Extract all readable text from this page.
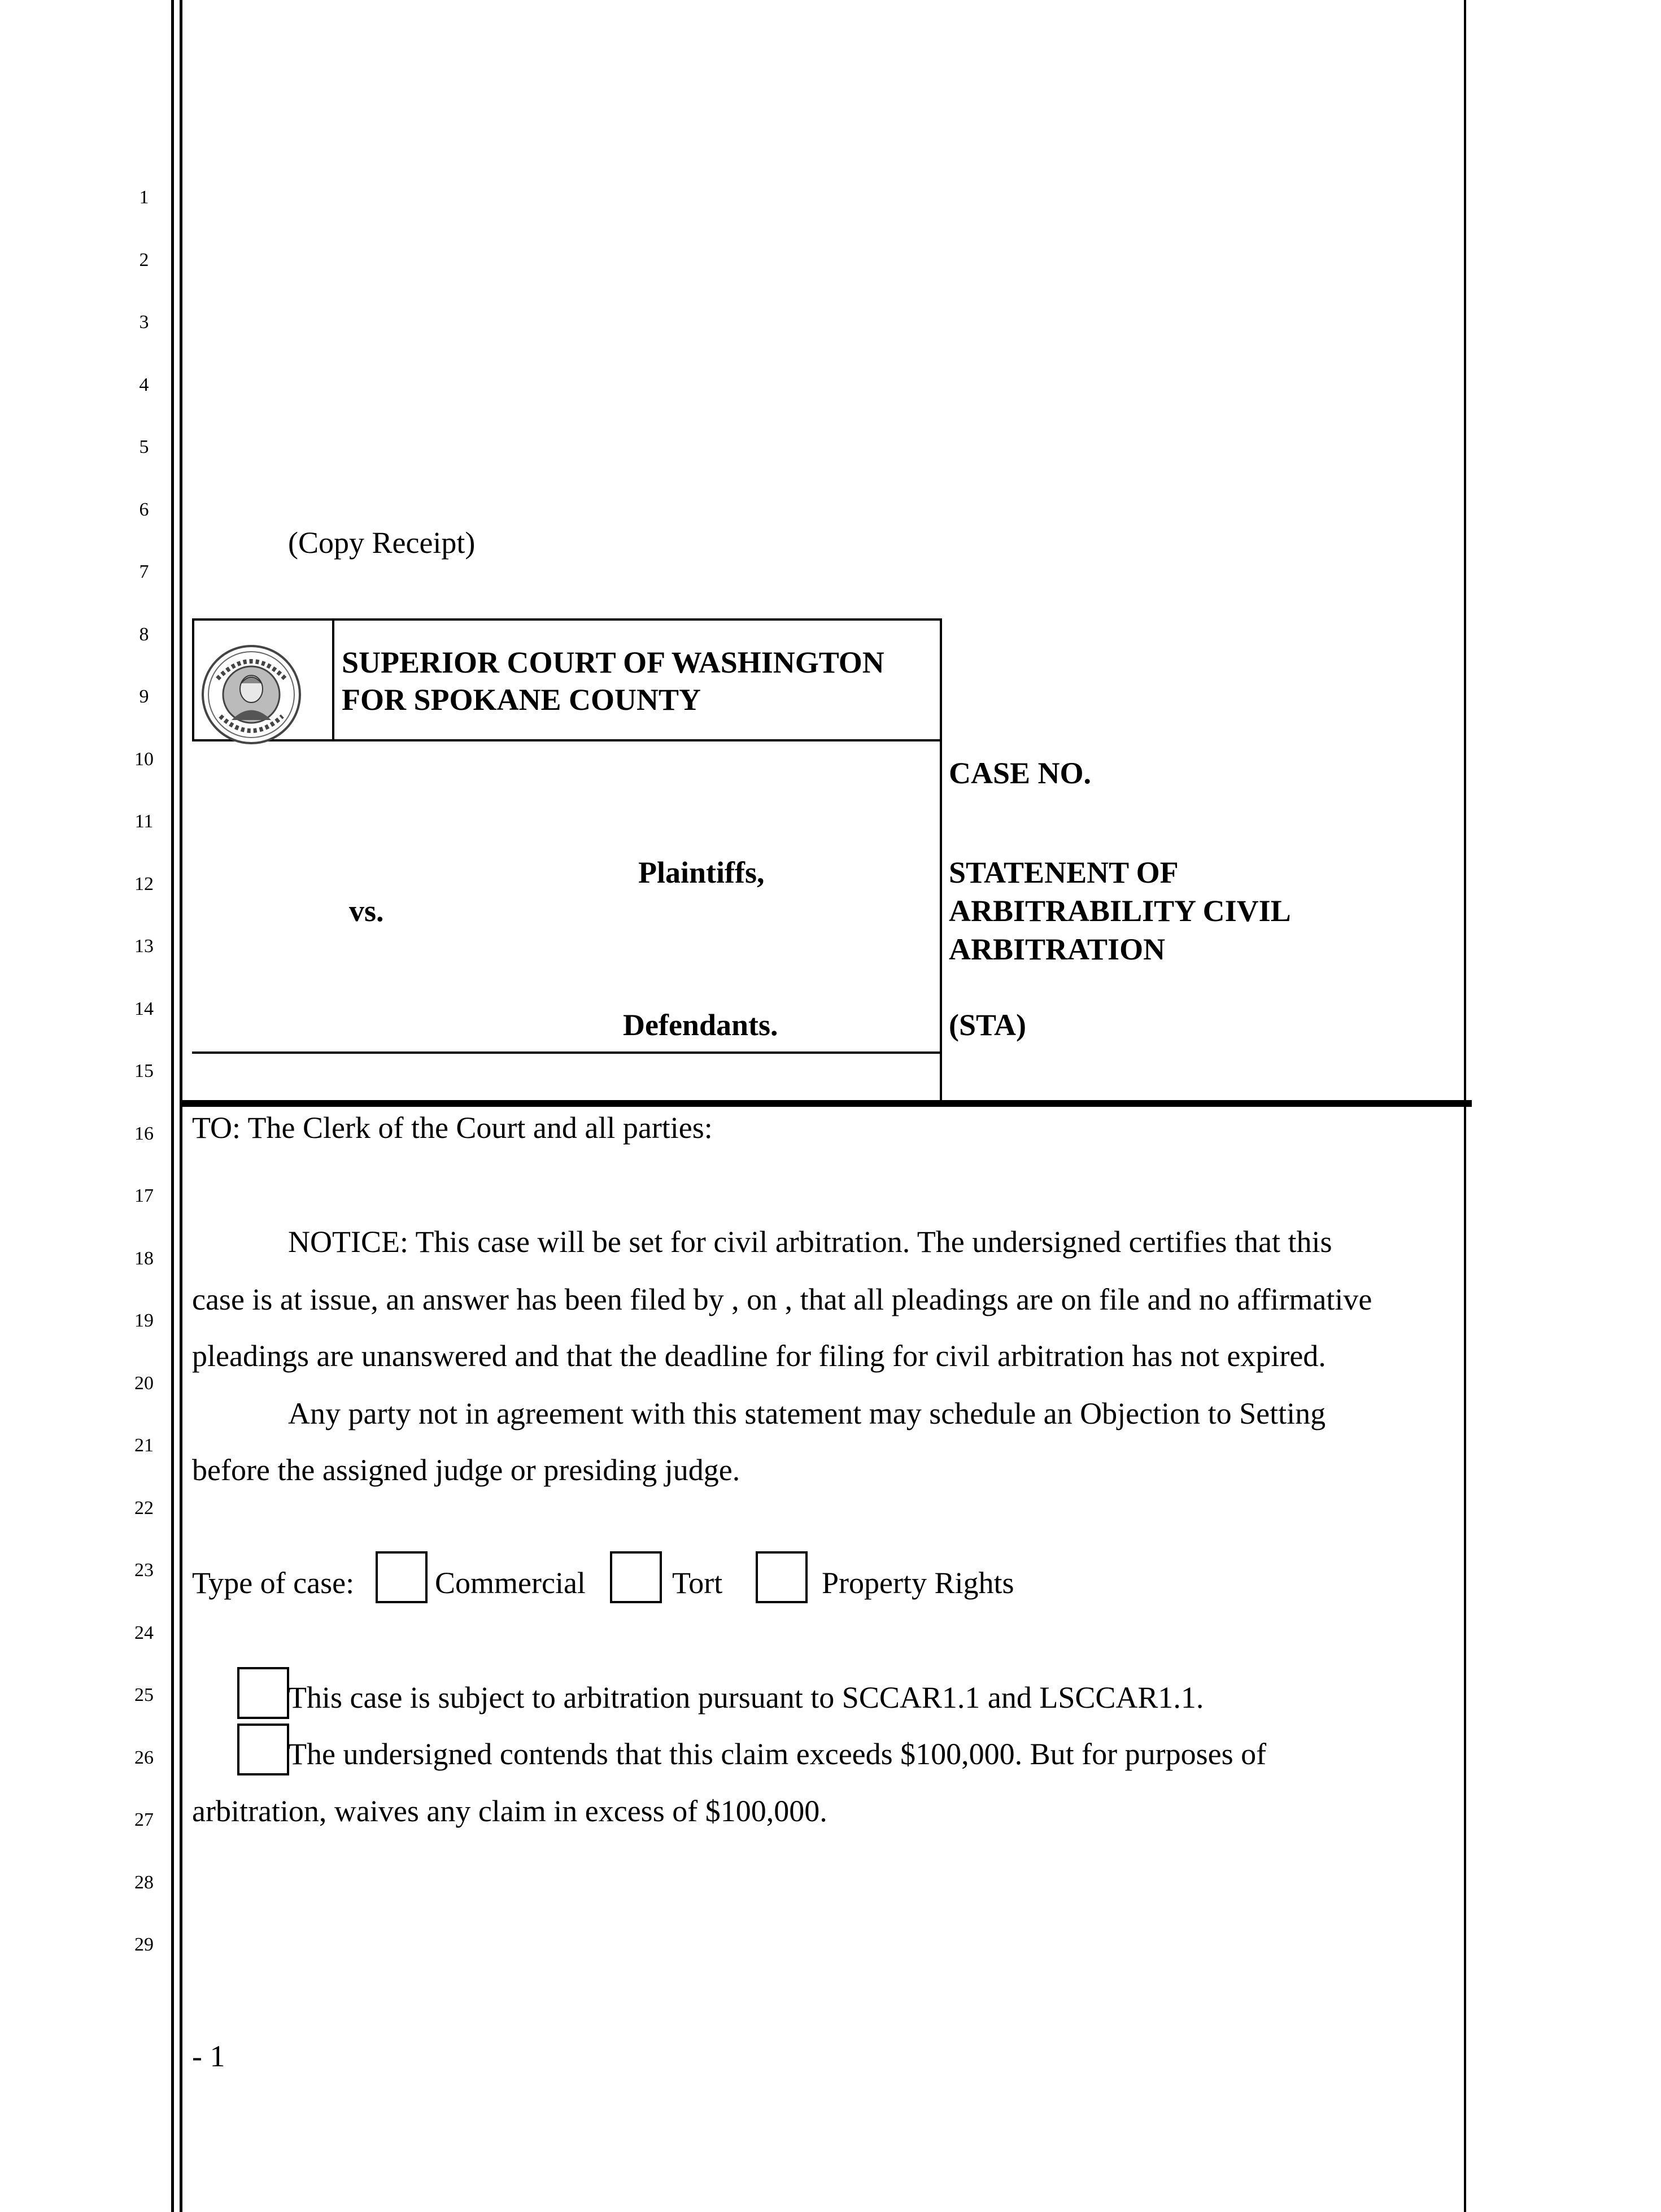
1
2
3
4
5
6
7
8
9
10
11
12
13
14
15
16
17
18
19
20
21
22
23
24
25
26
27
28
29
(Copy Receipt)
SUPERIOR COURT OF WASHINGTON
FOR SPOKANE COUNTY
Plaintiffs,
vs.
Defendants.
CASE NO.
STATENENT OF
ARBITRABILITY CIVIL
ARBITRATION
(STA)
TO: The Clerk of the Court and all parties:
NOTICE: This case will be set for civil arbitration. The undersigned certifies that this
case is at issue, an answer has been filed by , on , that all pleadings are on file and no affirmative
pleadings are unanswered and that the deadline for filing for civil arbitration has not expired.
Any party not in agreement with this statement may schedule an Objection to Setting
before the assigned judge or presiding judge.
Type of case:	Commercial	Tort	Property Rights
This case is subject to arbitration pursuant to SCCAR1.1 and LSCCAR1.1.
The undersigned contends that this claim exceeds $100,000. But for purposes of
arbitration, waives any claim in excess of $100,000.
- 1
